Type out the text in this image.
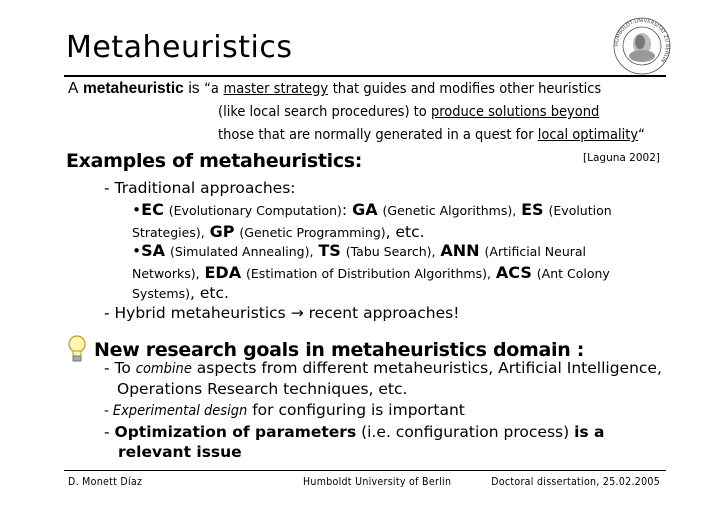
Metaheuristics	HUMBOLDT-UNIVERSITÄT ZU BERLIN
A metaheuristic is “a master strategy that guides and modifies other heuristics
(like local search procedures) to produce solutions beyond
those that are normally generated in a quest for local optimality“
Examples of metaheuristics:	[Laguna 2002]
- Traditional approaches:
•EC (Evolutionary Computation): GA (Genetic Algorithms), ES (Evolution
Strategies), GP (Genetic Programming), etc.
•SA (Simulated Annealing), TS (Tabu Search), ANN (Artificial Neural
Networks), EDA (Estimation of Distribution Algorithms), ACS (Ant Colony
Systems), etc.
- Hybrid metaheuristics → recent approaches!
New research goals in metaheuristics domain :
- To combine aspects from different metaheuristics, Artificial Intelligence,
Operations Research techniques, etc.
- Experimental design for configuring is important
- Optimization of parameters (i.e. configuration process) is a
relevant issue
D. Monett Díaz	Humboldt University of Berlin	Doctoral dissertation, 25.02.2005
